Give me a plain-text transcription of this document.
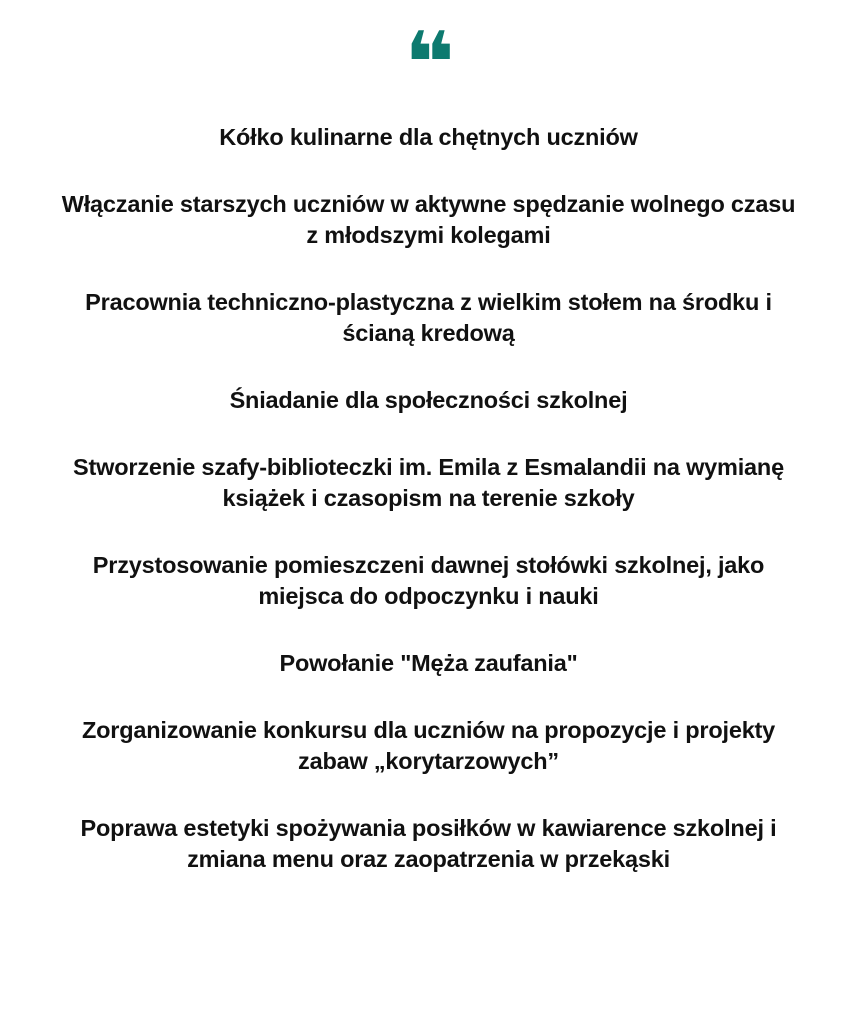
❝

Kółko kulinarne dla chętnych uczniów

Włączanie starszych uczniów w aktywne spędzanie wolnego czasu z młodszymi kolegami

Pracownia techniczno-plastyczna z wielkim stołem na środku i ścianą kredową

Śniadanie dla społeczności szkolnej

Stworzenie szafy-biblioteczki im. Emila z Esmalandii na wymianę książek i czasopism na terenie szkoły

Przystosowanie pomieszczeni dawnej stołówki szkolnej, jako miejsca do odpoczynku i nauki

Powołanie "Męża zaufania"

Zorganizowanie konkursu dla uczniów na propozycje i projekty zabaw „korytarzowych”

Poprawa estetyki spożywania posiłków w kawiarence szkolnej i zmiana menu oraz zaopatrzenia w przekąski
